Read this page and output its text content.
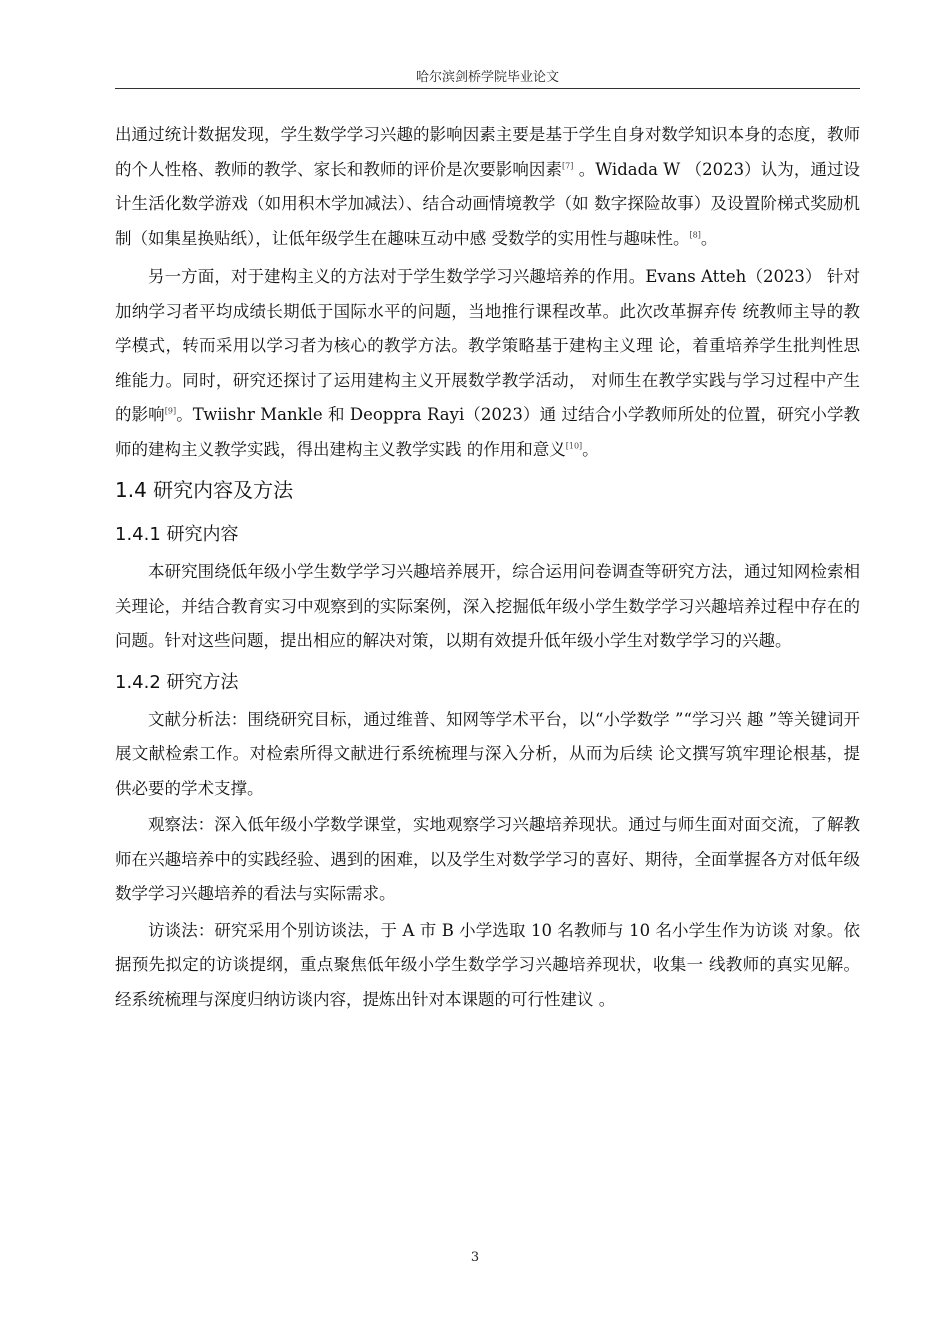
哈尔滨剑桥学院毕业论文

出通过统计数据发现，学生数学学习兴趣的影响因素主要是基于学生自身对数学知识本身的态度，教师的个人性格、教师的教学、家长和教师的评价是次要影响因素[7] 。Widada W （2023）认为，通过设计生活化数学游戏（如用积木学加减法）、结合动画情境教学（如 数字探险故事）及设置阶梯式奖励机制（如集星换贴纸），让低年级学生在趣味互动中感 受数学的实用性与趣味性。[8]。

另一方面，对于建构主义的方法对于学生数学学习兴趣培养的作用。Evans Atteh（2023） 针对加纳学习者平均成绩长期低于国际水平的问题，当地推行课程改革。此次改革摒弃传 统教师主导的教学模式，转而采用以学习者为核心的教学方法。教学策略基于建构主义理 论，着重培养学生批判性思维能力。同时，研究还探讨了运用建构主义开展数学教学活动， 对师生在教学实践与学习过程中产生的影响[9]。Twiishr Mankle 和 Deoppra Rayi（2023）通 过结合小学教师所处的位置，研究小学教师的建构主义教学实践，得出建构主义教学实践 的作用和意义[10]。

1.4 研究内容及方法
1.4.1 研究内容

本研究围绕低年级小学生数学学习兴趣培养展开，综合运用问卷调查等研究方法，通过知网检索相关理论，并结合教育实习中观察到的实际案例，深入挖掘低年级小学生数学学习兴趣培养过程中存在的问题。针对这些问题，提出相应的解决对策，以期有效提升低年级小学生对数学学习的兴趣。

1.4.2 研究方法

文献分析法：围绕研究目标，通过维普、知网等学术平台，以“小学数学 ”“学习兴 趣 ”等关键词开展文献检索工作。对检索所得文献进行系统梳理与深入分析，从而为后续 论文撰写筑牢理论根基，提供必要的学术支撑。

观察法：深入低年级小学数学课堂，实地观察学习兴趣培养现状。通过与师生面对面交流，了解教师在兴趣培养中的实践经验、遇到的困难，以及学生对数学学习的喜好、期待，全面掌握各方对低年级数学学习兴趣培养的看法与实际需求。

访谈法：研究采用个别访谈法，于 A 市 B 小学选取 10 名教师与 10 名小学生作为访谈 对象。依据预先拟定的访谈提纲，重点聚焦低年级小学生数学学习兴趣培养现状，收集一 线教师的真实见解。经系统梳理与深度归纳访谈内容，提炼出针对本课题的可行性建议 。

3
